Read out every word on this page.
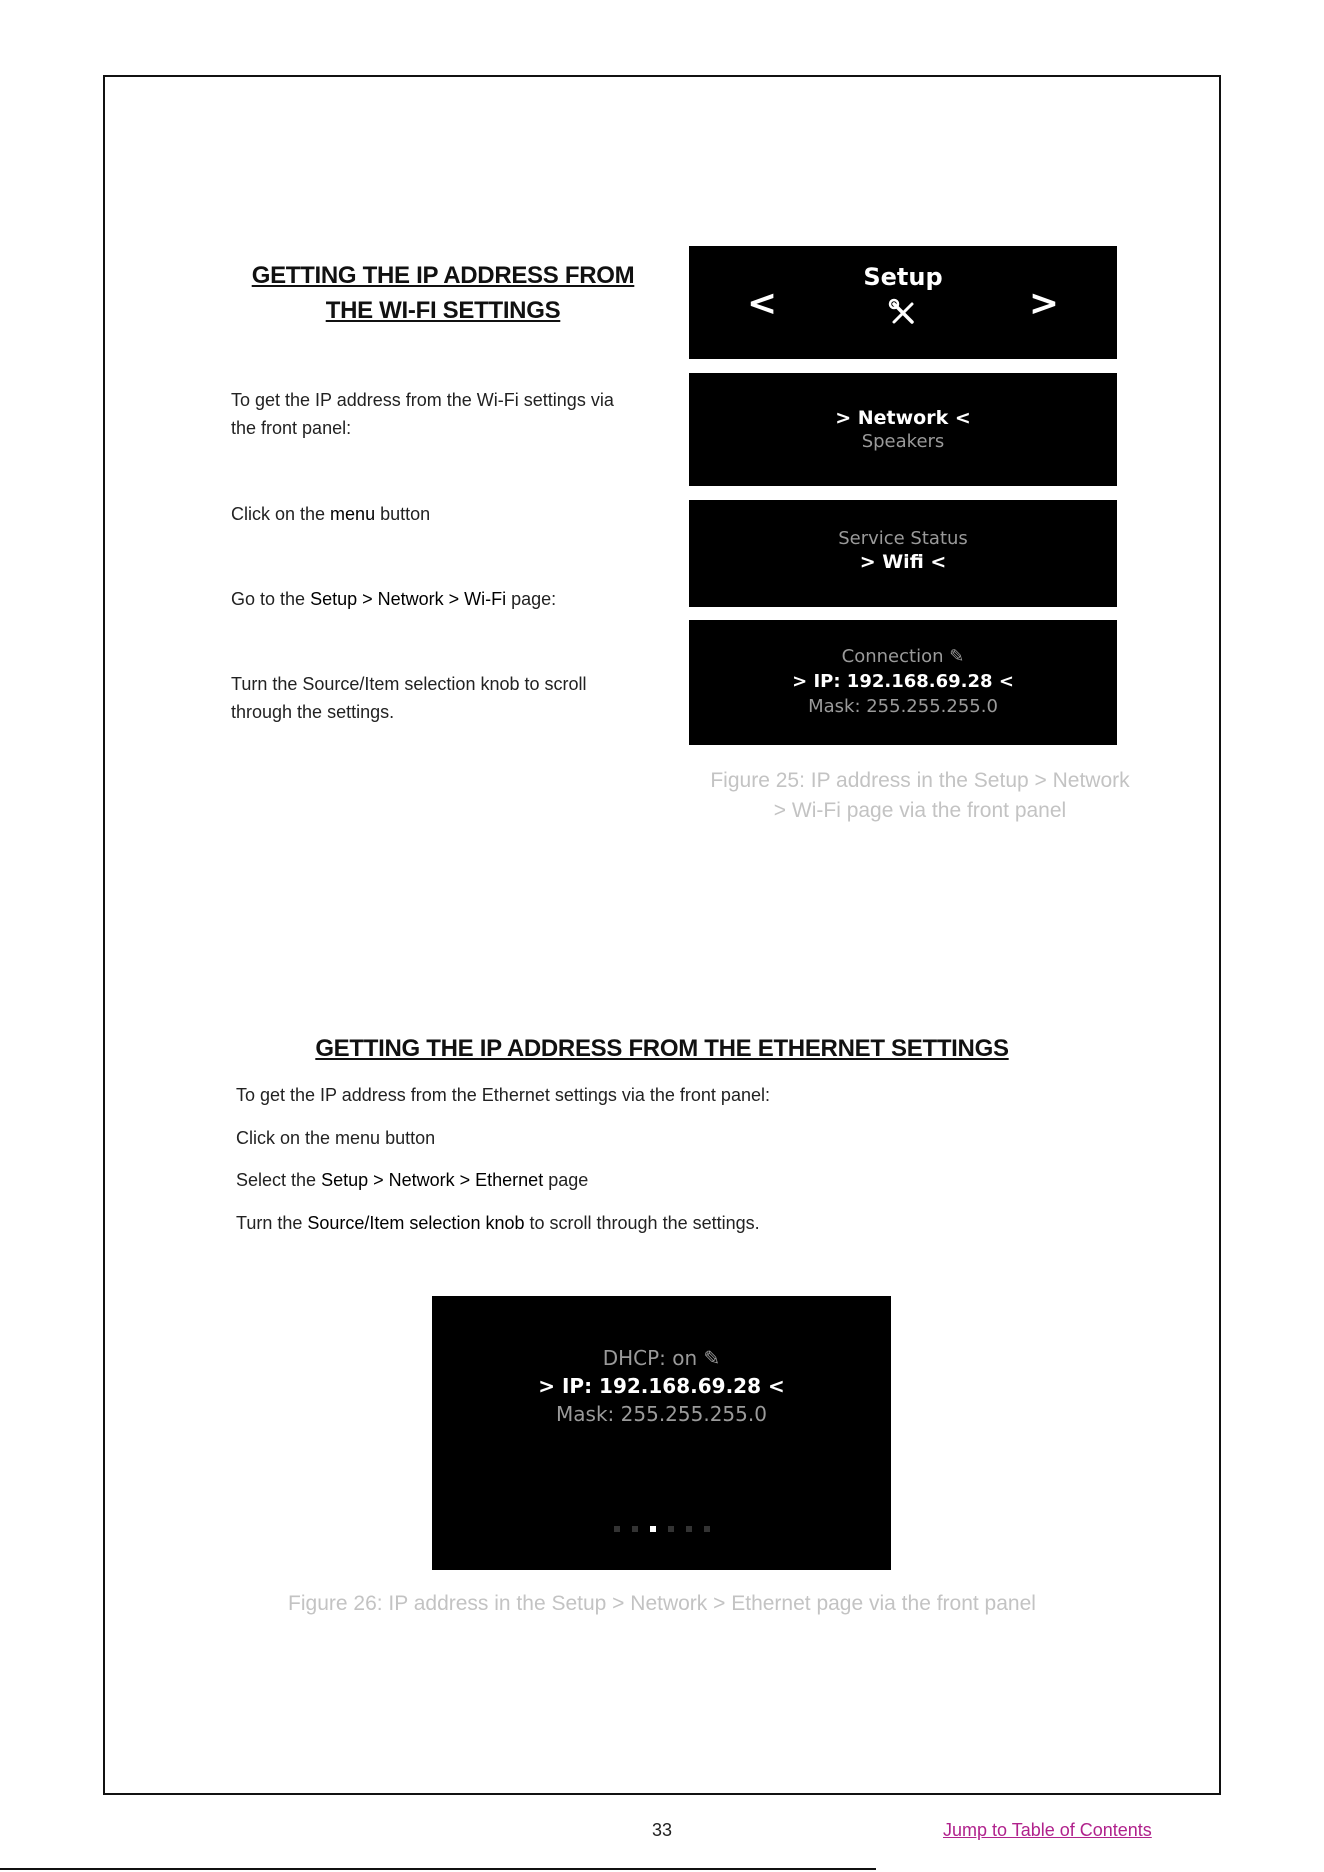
GETTING THE IP ADDRESS FROM
THE WI-FI SETTINGS
To get the IP address from the Wi-Fi settings via
the front panel:
Click on the menu button
Go to the Setup > Network > Wi-Fi page:
Turn the Source/Item selection knob to scroll
through the settings.
<
Setup
>
> Network <
Speakers
Service Status
> Wifi <
Connection ✎
> IP: 192.168.69.28 <
Mask: 255.255.255.0
Figure 25: IP address in the Setup > Network
> Wi-Fi page via the front panel
GETTING THE IP ADDRESS FROM THE ETHERNET SETTINGS
To get the IP address from the Ethernet settings via the front panel:
Click on the menu button
Select the Setup > Network > Ethernet page
Turn the Source/Item selection knob to scroll through the settings.
DHCP: on ✎
> IP: 192.168.69.28 <
Mask: 255.255.255.0
Figure 26: IP address in the Setup > Network > Ethernet page via the front panel
33	Jump to Table of Contents
